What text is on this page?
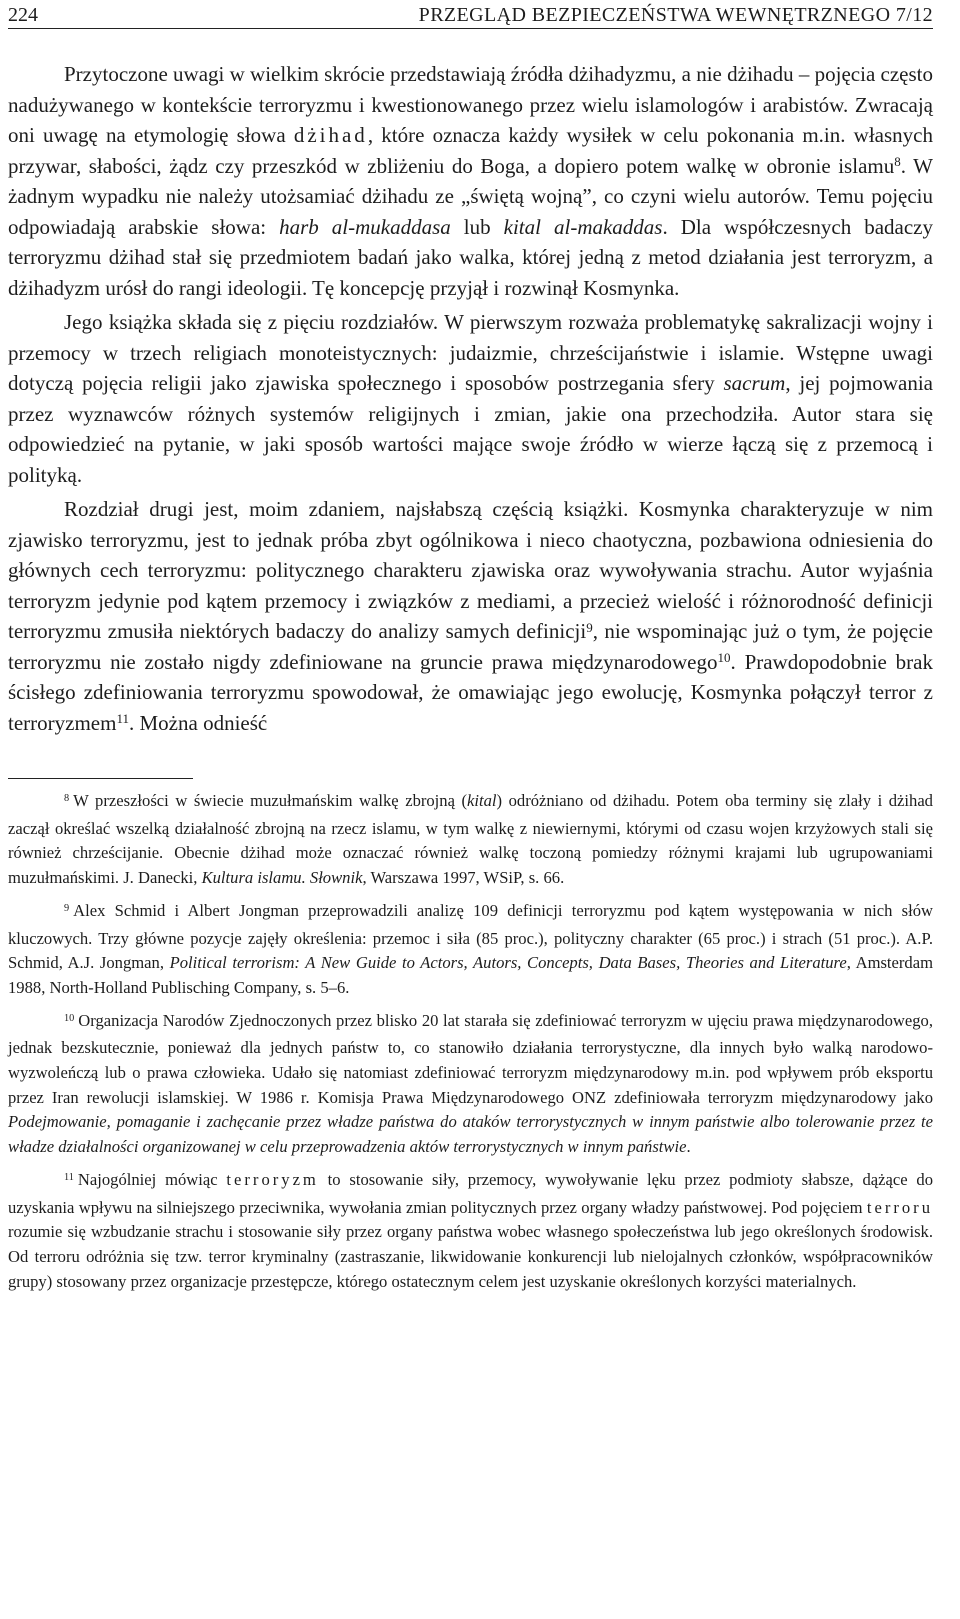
224	PRZEGLĄD BEZPIECZEŃSTWA WEWNĘTRZNEGO 7/12

Przytoczone uwagi w wielkim skrócie przedstawiają źródła dżihadyzmu, a nie dżihadu – pojęcia często nadużywanego w kontekście terroryzmu i kwestionowanego przez wielu islamologów i arabistów. Zwracają oni uwagę na etymologię słowa dżihad, które oznacza każdy wysiłek w celu pokonania m.in. własnych przywar, słabości, żądz czy przeszkód w zbliżeniu do Boga, a dopiero potem walkę w obronie islamu$^8$. W żadnym wypadku nie należy utożsamiać dżihadu ze „świętą wojną”, co czyni wielu autorów. Temu pojęciu odpowiadają arabskie słowa: harb al-mukaddasa lub kital al-makaddas. Dla współczesnych badaczy terroryzmu dżihad stał się przedmiotem badań jako walka, której jedną z metod działania jest terroryzm, a dżihadyzm urósł do rangi ideologii. Tę koncepcję przyjął i rozwinął Kosmynka.

Jego książka składa się z pięciu rozdziałów. W pierwszym rozważa problematykę sakralizacji wojny i przemocy w trzech religiach monoteistycznych: judaizmie, chrześcijaństwie i islamie. Wstępne uwagi dotyczą pojęcia religii jako zjawiska społecznego i sposobów postrzegania sfery sacrum, jej pojmowania przez wyznawców różnych systemów religijnych i zmian, jakie ona przechodziła. Autor stara się odpowiedzieć na pytanie, w jaki sposób wartości mające swoje źródło w wierze łączą się z przemocą i polityką.

Rozdział drugi jest, moim zdaniem, najsłabszą częścią książki. Kosmynka charakteryzuje w nim zjawisko terroryzmu, jest to jednak próba zbyt ogólnikowa i nieco chaotyczna, pozbawiona odniesienia do głównych cech terroryzmu: politycznego charakteru zjawiska oraz wywoływania strachu. Autor wyjaśnia terroryzm jedynie pod kątem przemocy i związków z mediami, a przecież wielość i różnorodność definicji terroryzmu zmusiła niektórych badaczy do analizy samych definicji$^9$, nie wspominając już o tym, że pojęcie terroryzmu nie zostało nigdy zdefiniowane na gruncie prawa międzynarodowego$^{10}$. Prawdopodobnie brak ścisłego zdefiniowania terroryzmu spowodował, że omawiając jego ewolucję, Kosmynka połączył terror z terroryzmem$^{11}$. Można odnieść

$^8$ W przeszłości w świecie muzułmańskim walkę zbrojną (kital) odróżniano od dżihadu. Potem oba terminy się zlały i dżihad zaczął określać wszelką działalność zbrojną na rzecz islamu, w tym walkę z niewiernymi, którymi od czasu wojen krzyżowych stali się również chrześcijanie. Obecnie dżihad może oznaczać również walkę toczoną pomiedzy różnymi krajami lub ugrupowaniami muzułmańskimi. J. Danecki, Kultura islamu. Słownik, Warszawa 1997, WSiP, s. 66.

$^9$ Alex Schmid i Albert Jongman przeprowadzili analizę 109 definicji terroryzmu pod kątem występowania w nich słów kluczowych. Trzy główne pozycje zajęły określenia: przemoc i siła (85 proc.), polityczny charakter (65 proc.) i strach (51 proc.). A.P. Schmid, A.J. Jongman, Political terrorism: A New Guide to Actors, Autors, Concepts, Data Bases, Theories and Literature, Amsterdam 1988, North-Holland Publisching Company, s. 5–6.

$^{10}$ Organizacja Narodów Zjednoczonych przez blisko 20 lat starała się zdefiniować terroryzm w ujęciu prawa międzynarodowego, jednak bezskutecznie, ponieważ dla jednych państw to, co stanowiło działania terrorystyczne, dla innych było walką narodowo-wyzwoleńczą lub o prawa człowieka. Udało się natomiast zdefiniować terroryzm międzynarodowy m.in. pod wpływem prób eksportu przez Iran rewolucji islamskiej. W 1986 r. Komisja Prawa Międzynarodowego ONZ zdefiniowała terroryzm międzynarodowy jako Podejmowanie, pomaganie i zachęcanie przez władze państwa do ataków terrorystycznych w innym państwie albo tolerowanie przez te władze działalności organizowanej w celu przeprowadzenia aktów terrorystycznych w innym państwie.

$^{11}$ Najogólniej mówiąc terroryzm to stosowanie siły, przemocy, wywoływanie lęku przez podmioty słabsze, dążące do uzyskania wpływu na silniejszego przeciwnika, wywołania zmian politycznych przez organy władzy państwowej. Pod pojęciem terroru rozumie się wzbudzanie strachu i stosowanie siły przez organy państwa wobec własnego społeczeństwa lub jego określonych środowisk. Od terroru odróżnia się tzw. terror kryminalny (zastraszanie, likwidowanie konkurencji lub nielojalnych członków, współpracowników grupy) stosowany przez organizacje przestępcze, którego ostatecznym celem jest uzyskanie określonych korzyści materialnych.
